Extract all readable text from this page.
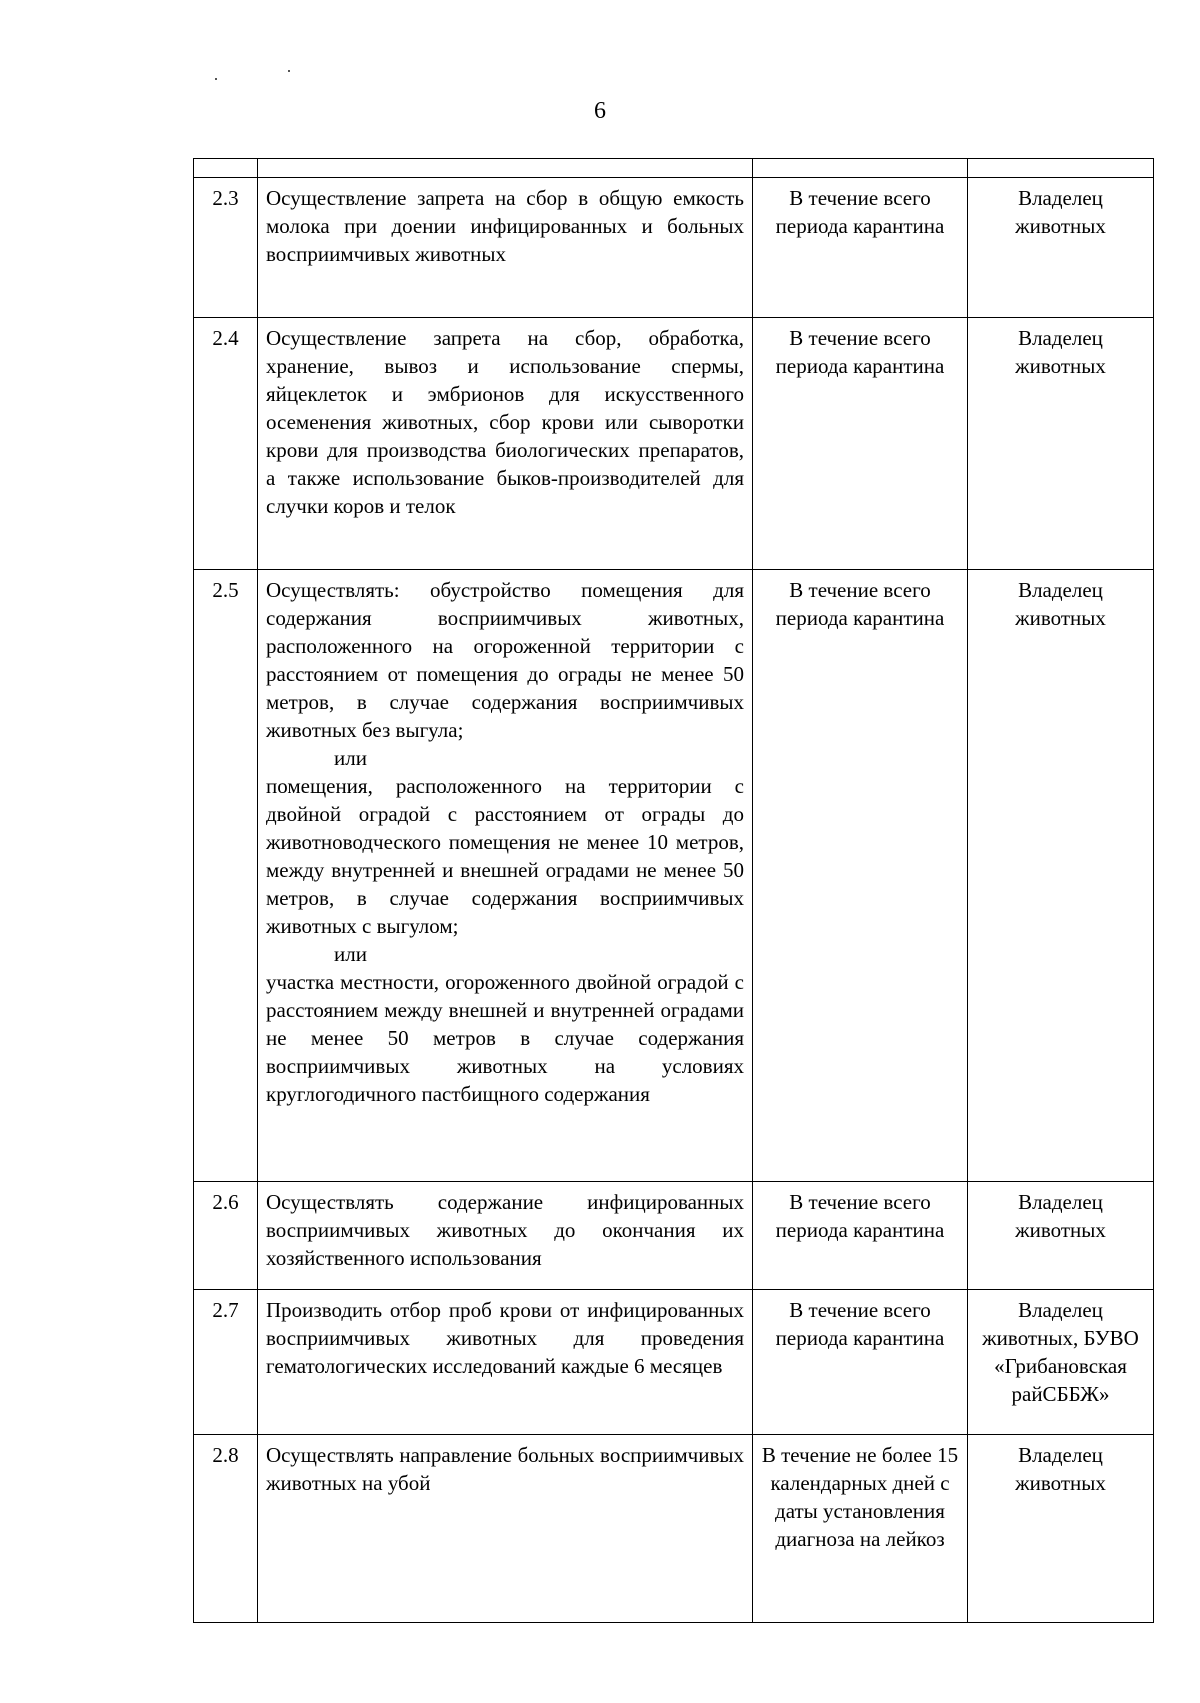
6

2.3	Осуществление запрета на сбор в общую емкость молока при доении инфицированных и больных восприимчивых животных	В течение всего периода карантина	Владелец животных
2.4	Осуществление запрета на сбор, обработка, хранение, вывоз и использование спермы, яйцеклеток и эмбрионов для искусственного осеменения животных, сбор крови или сыворотки крови для производства биологических препаратов, а также использование быков-производителей для случки коров и телок	В течение всего периода карантина	Владелец животных
2.5	Осуществлять: обустройство помещения для содержания восприимчивых животных, расположенного на огороженной территории с расстоянием от помещения до ограды не менее 50 метров, в случае содержания восприимчивых животных без выгула;
или
помещения, расположенного на территории с двойной оградой с расстоянием от ограды до животноводческого помещения не менее 10 метров, между внутренней и внешней оградами не менее 50 метров, в случае содержания восприимчивых животных с выгулом;
или
участка местности, огороженного двойной оградой с расстоянием между внешней и внутренней оградами не менее 50 метров в случае содержания восприимчивых животных на условиях круглогодичного пастбищного содержания	В течение всего периода карантина	Владелец животных
2.6	Осуществлять содержание инфицированных восприимчивых животных до окончания их хозяйственного использования	В течение всего периода карантина	Владелец животных
2.7	Производить отбор проб крови от инфицированных восприимчивых животных для проведения гематологических исследований каждые 6 месяцев	В течение всего периода карантина	Владелец животных, БУВО «Грибановская райСББЖ»
2.8	Осуществлять направление больных восприимчивых животных на убой	В течение не более 15 календарных дней с даты установления диагноза на лейкоз	Владелец животных
